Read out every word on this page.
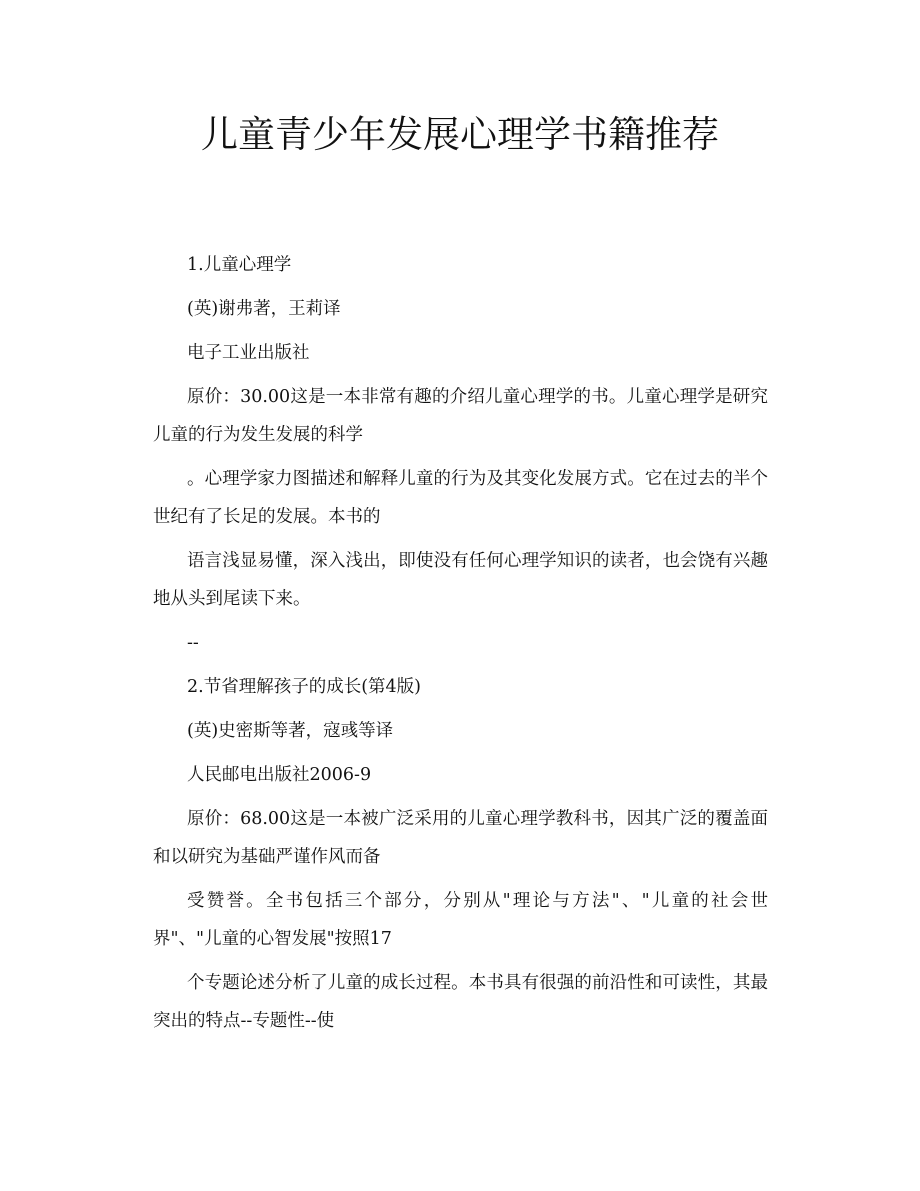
儿童青少年发展心理学书籍推荐

1.儿童心理学

(英)谢弗著，王莉译

电子工业出版社

原价：30.00这是一本非常有趣的介绍儿童心理学的书。儿童心理学是研究儿童的行为发生发展的科学

。心理学家力图描述和解释儿童的行为及其变化发展方式。它在过去的半个世纪有了长足的发展。本书的

语言浅显易懂，深入浅出，即使没有任何心理学知识的读者，也会饶有兴趣地从头到尾读下来。

--

2.节省理解孩子的成长(第4版)

(英)史密斯等著，寇彧等译

人民邮电出版社2006-9

原价：68.00这是一本被广泛采用的儿童心理学教科书，因其广泛的覆盖面和以研究为基础严谨作风而备

受赞誉。全书包括三个部分，分别从"理论与方法"、"儿童的社会世界"、"儿童的心智发展"按照17

个专题论述分析了儿童的成长过程。本书具有很强的前沿性和可读性，其最突出的特点--专题性--使
